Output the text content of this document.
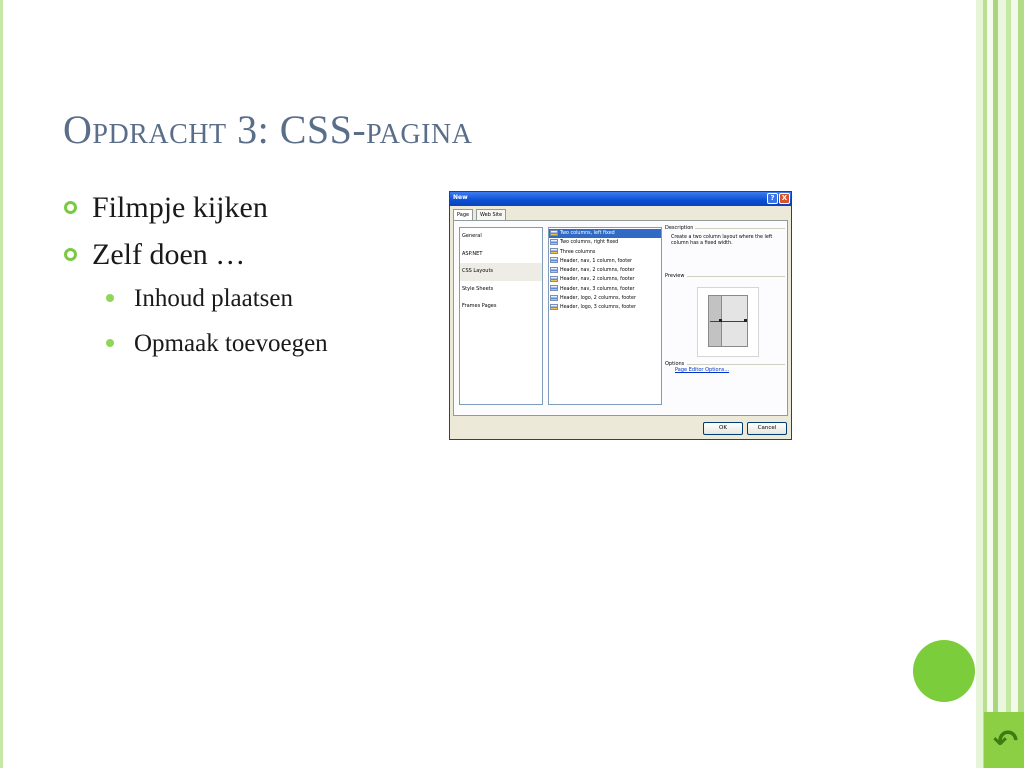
Opdracht 3: CSS-pagina
Filmpje kijken
Zelf doen …
Inhoud plaatsen
Opmaak toevoegen
New	?	X
Page	Web Site
General
ASP.NET
CSS Layouts
Style Sheets
Frames Pages
Two columns, left fixed
Two columns, right fixed
Three columns
Header, nav, 1 column, footer
Header, nav, 2 columns, footer
Header, nav, 2 columns, footer
Header, nav, 3 columns, footer
Header, logo, 2 columns, footer
Header, logo, 3 columns, footer
Description
Create a two column layout where the left column has a fixed width.
Preview
Options
Page Editor Options...
OK	Cancel
↶
